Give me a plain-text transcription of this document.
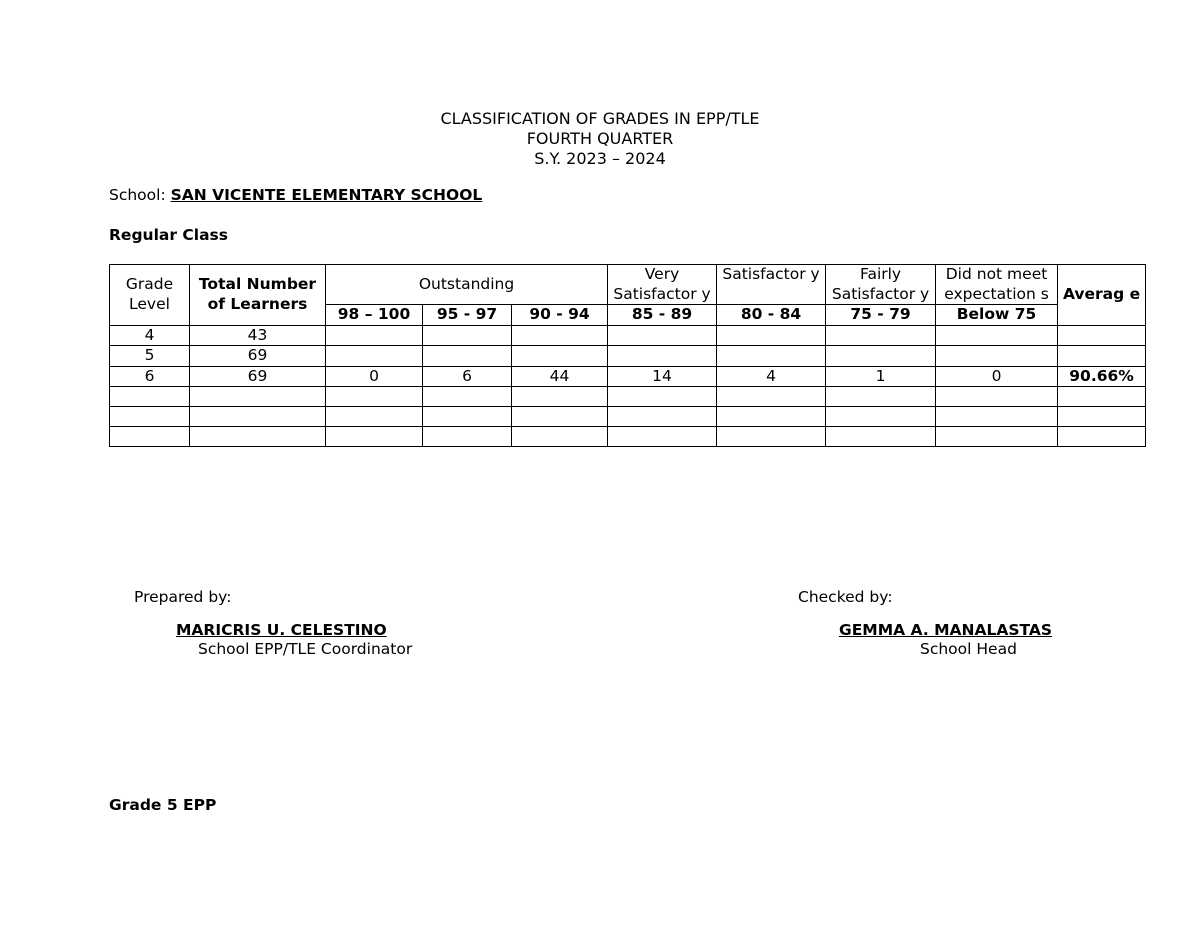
CLASSIFICATION OF GRADES IN EPP/TLE
FOURTH QUARTER
S.Y. 2023 – 2024
School: SAN VICENTE ELEMENTARY SCHOOL
Regular Class
Grade Level	Total Number of Learners	Outstanding			Very Satisfactor y	Satisfactor y	Fairly Satisfactor y	Did not meet expectation s	Averag e
		98 – 100	95 - 97	90 - 94	85 - 89	80 - 84	75 - 79	Below 75	
4	43								
5	69								
6	69	0	6	44	14	4	1	0	90.66%

Prepared by:
MARICRIS U. CELESTINO
School EPP/TLE Coordinator
Checked by:
GEMMA A. MANALASTAS
School Head
Grade 5 EPP
